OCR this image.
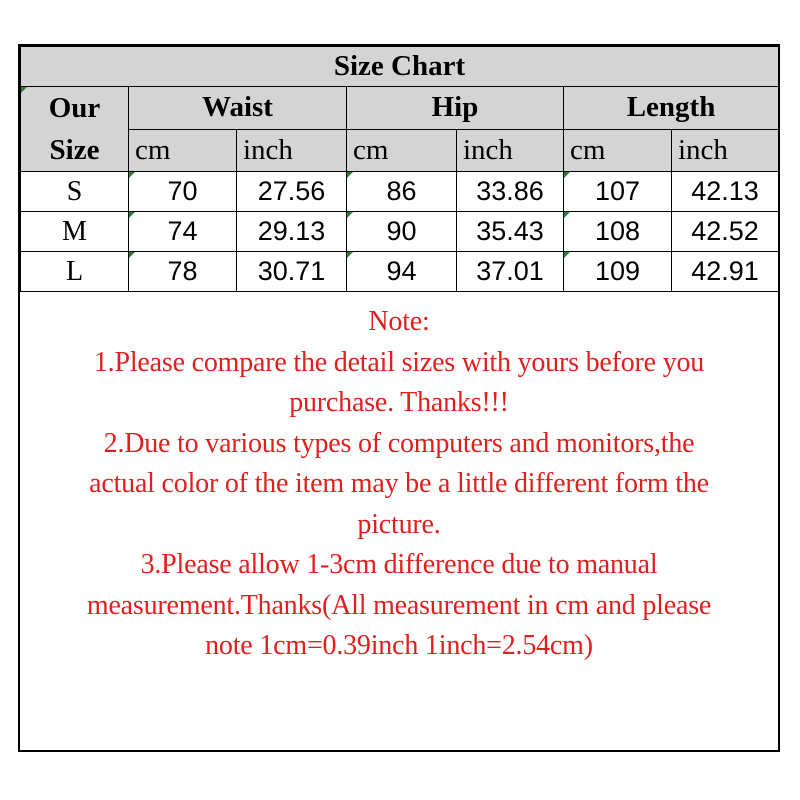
Size Chart						

Our
Size	Waist		Hip		Length	
	cm	inch	cm	inch	cm	inch
S	70	27.56	86	33.86	107	42.13
M	74	29.13	90	35.43	108	42.52
L	78	30.71	94	37.01	109	42.91
Note:
1.Please compare the detail sizes with yours before you
purchase. Thanks!!!
2.Due to various types of computers and monitors,the
actual color of the item may be a little different form the
picture.
3.Please allow 1-3cm difference due to manual
measurement.Thanks(All measurement in cm and please
note 1cm=0.39inch 1inch=2.54cm)
